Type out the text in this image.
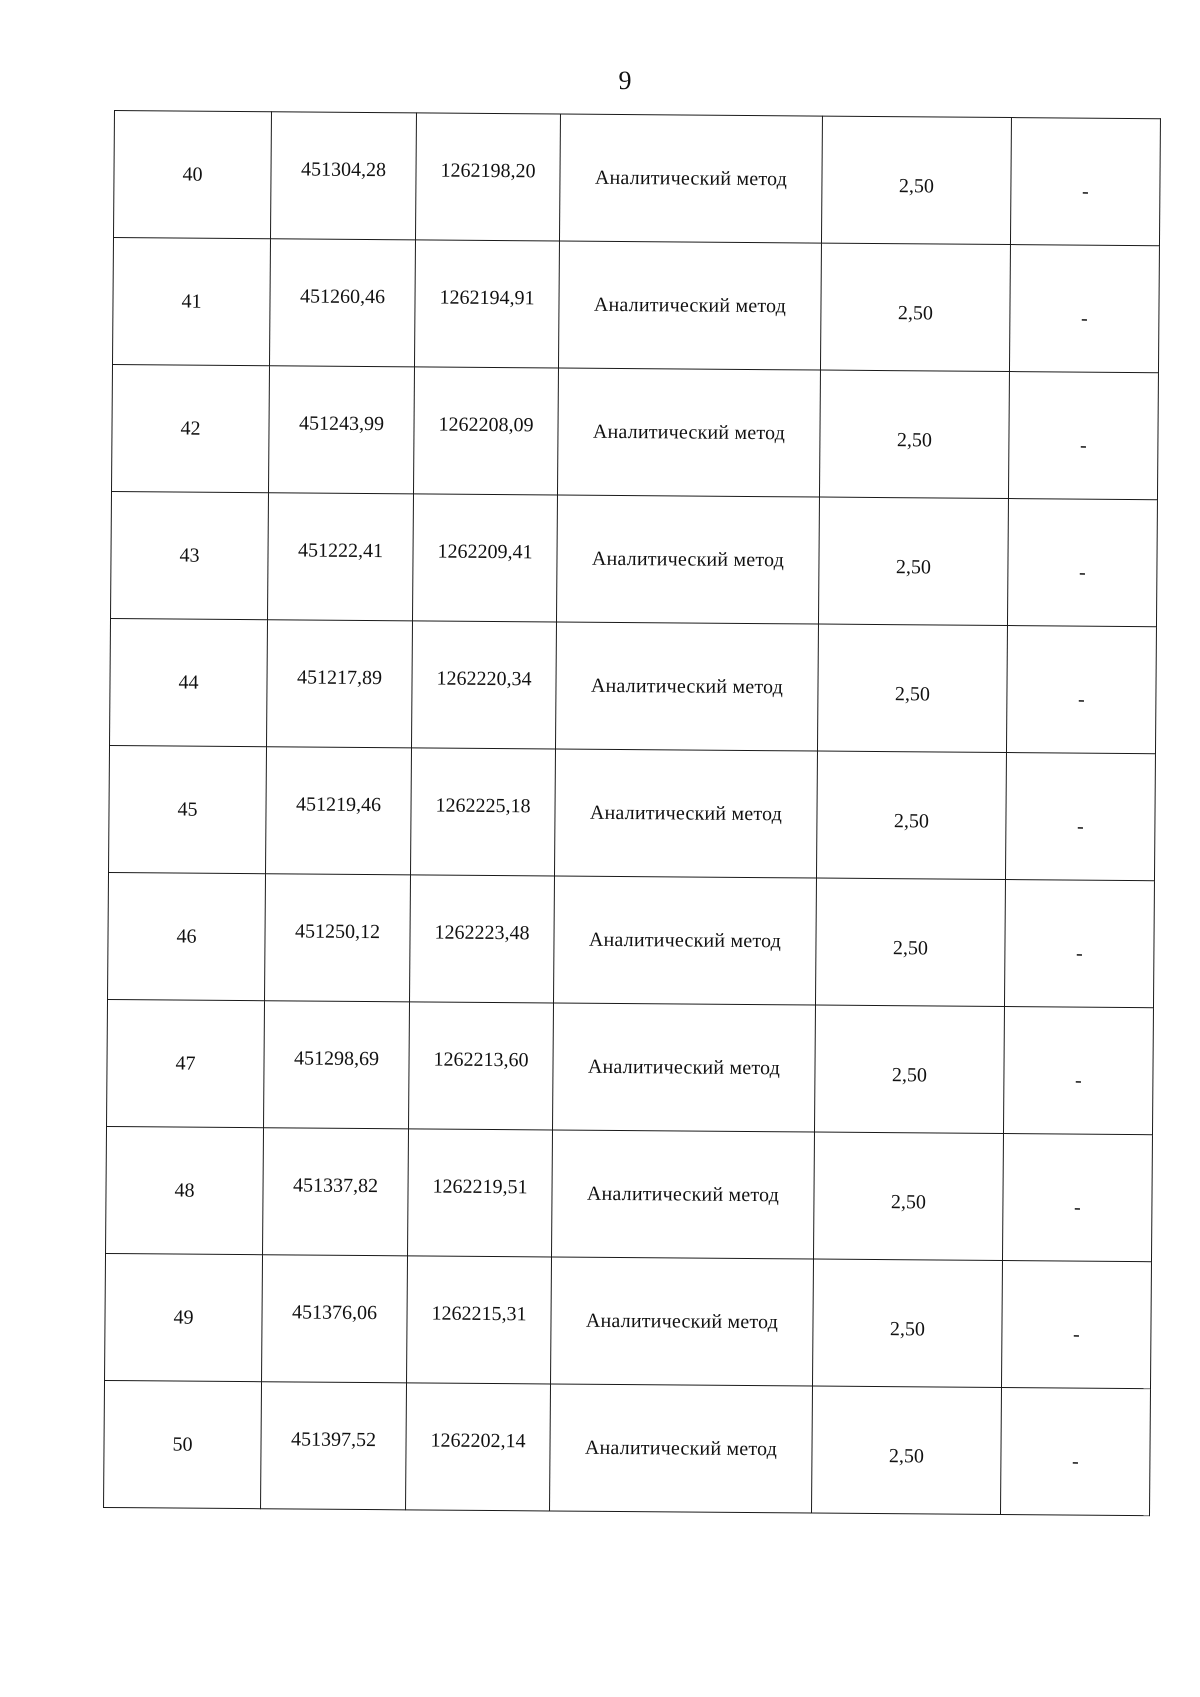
9
40	451304,28	1262198,20	Аналитический метод	2,50	-
41	451260,46	1262194,91	Аналитический метод	2,50	-
42	451243,99	1262208,09	Аналитический метод	2,50	-
43	451222,41	1262209,41	Аналитический метод	2,50	-
44	451217,89	1262220,34	Аналитический метод	2,50	-
45	451219,46	1262225,18	Аналитический метод	2,50	-
46	451250,12	1262223,48	Аналитический метод	2,50	-
47	451298,69	1262213,60	Аналитический метод	2,50	-
48	451337,82	1262219,51	Аналитический метод	2,50	-
49	451376,06	1262215,31	Аналитический метод	2,50	-
50	451397,52	1262202,14	Аналитический метод	2,50	-
